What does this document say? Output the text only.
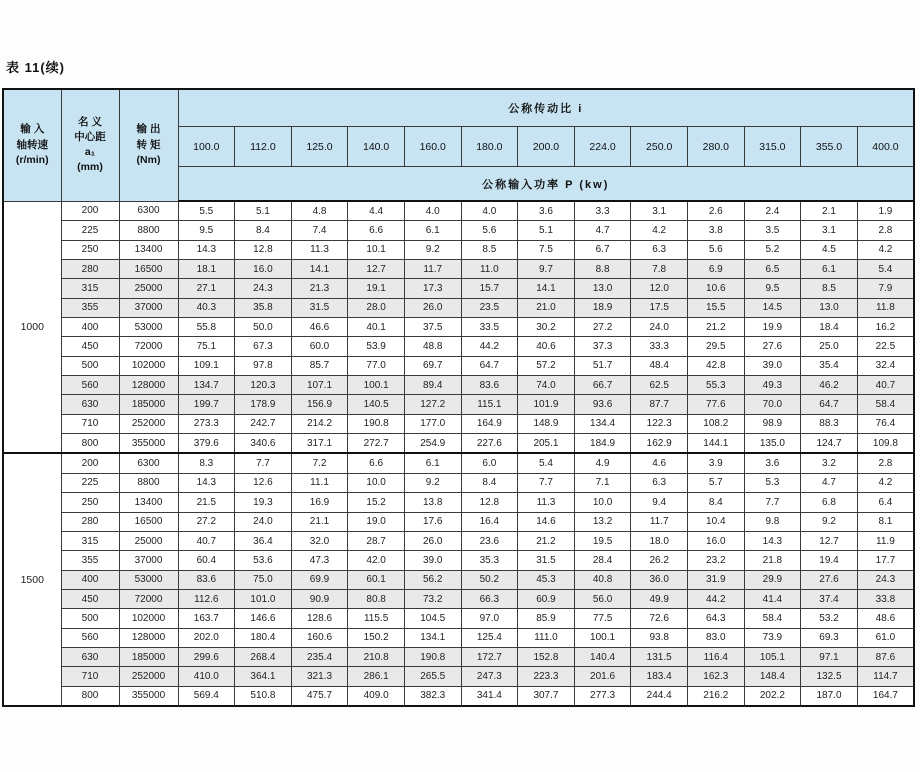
表 11(续)
输 入
轴转速
(r/min)	名 义
中心距
a₁
(mm)	输 出
转 矩
(Nm)	公称传动比 i												
			100.0	112.0	125.0	140.0	160.0	180.0	200.0	224.0	250.0	280.0	315.0	355.0	400.0
			公称输入功率 P (kw)												
1000	200	6300	5.5	5.1	4.8	4.4	4.0	4.0	3.6	3.3	3.1	2.6	2.4	2.1	1.9
	225	8800	9.5	8.4	7.4	6.6	6.1	5.6	5.1	4.7	4.2	3.8	3.5	3.1	2.8
	250	13400	14.3	12.8	11.3	10.1	9.2	8.5	7.5	6.7	6.3	5.6	5.2	4.5	4.2
	280	16500	18.1	16.0	14.1	12.7	11.7	11.0	9.7	8.8	7.8	6.9	6.5	6.1	5.4
	315	25000	27.1	24.3	21.3	19.1	17.3	15.7	14.1	13.0	12.0	10.6	9.5	8.5	7.9
	355	37000	40.3	35.8	31.5	28.0	26.0	23.5	21.0	18.9	17.5	15.5	14.5	13.0	11.8
	400	53000	55.8	50.0	46.6	40.1	37.5	33.5	30.2	27.2	24.0	21.2	19.9	18.4	16.2
	450	72000	75.1	67.3	60.0	53.9	48.8	44.2	40.6	37.3	33.3	29.5	27.6	25.0	22.5
	500	102000	109.1	97.8	85.7	77.0	69.7	64.7	57.2	51.7	48.4	42.8	39.0	35.4	32.4
	560	128000	134.7	120.3	107.1	100.1	89.4	83.6	74.0	66.7	62.5	55.3	49.3	46.2	40.7
	630	185000	199.7	178.9	156.9	140.5	127.2	115.1	101.9	93.6	87.7	77.6	70.0	64.7	58.4
	710	252000	273.3	242.7	214.2	190.8	177.0	164.9	148.9	134.4	122.3	108.2	98.9	88.3	76.4
	800	355000	379.6	340.6	317.1	272.7	254.9	227.6	205.1	184.9	162.9	144.1	135.0	124.7	109.8
1500	200	6300	8.3	7.7	7.2	6.6	6.1	6.0	5.4	4.9	4.6	3.9	3.6	3.2	2.8
	225	8800	14.3	12.6	11.1	10.0	9.2	8.4	7.7	7.1	6.3	5.7	5.3	4.7	4.2
	250	13400	21.5	19.3	16.9	15.2	13.8	12.8	11.3	10.0	9.4	8.4	7.7	6.8	6.4
	280	16500	27.2	24.0	21.1	19.0	17.6	16.4	14.6	13.2	11.7	10.4	9.8	9.2	8.1
	315	25000	40.7	36.4	32.0	28.7	26.0	23.6	21.2	19.5	18.0	16.0	14.3	12.7	11.9
	355	37000	60.4	53.6	47.3	42.0	39.0	35.3	31.5	28.4	26.2	23.2	21.8	19.4	17.7
	400	53000	83.6	75.0	69.9	60.1	56.2	50.2	45.3	40.8	36.0	31.9	29.9	27.6	24.3
	450	72000	112.6	101.0	90.9	80.8	73.2	66.3	60.9	56.0	49.9	44.2	41.4	37.4	33.8
	500	102000	163.7	146.6	128.6	115.5	104.5	97.0	85.9	77.5	72.6	64.3	58.4	53.2	48.6
	560	128000	202.0	180.4	160.6	150.2	134.1	125.4	111.0	100.1	93.8	83.0	73.9	69.3	61.0
	630	185000	299.6	268.4	235.4	210.8	190.8	172.7	152.8	140.4	131.5	116.4	105.1	97.1	87.6
	710	252000	410.0	364.1	321.3	286.1	265.5	247.3	223.3	201.6	183.4	162.3	148.4	132.5	114.7
	800	355000	569.4	510.8	475.7	409.0	382.3	341.4	307.7	277.3	244.4	216.2	202.2	187.0	164.7
